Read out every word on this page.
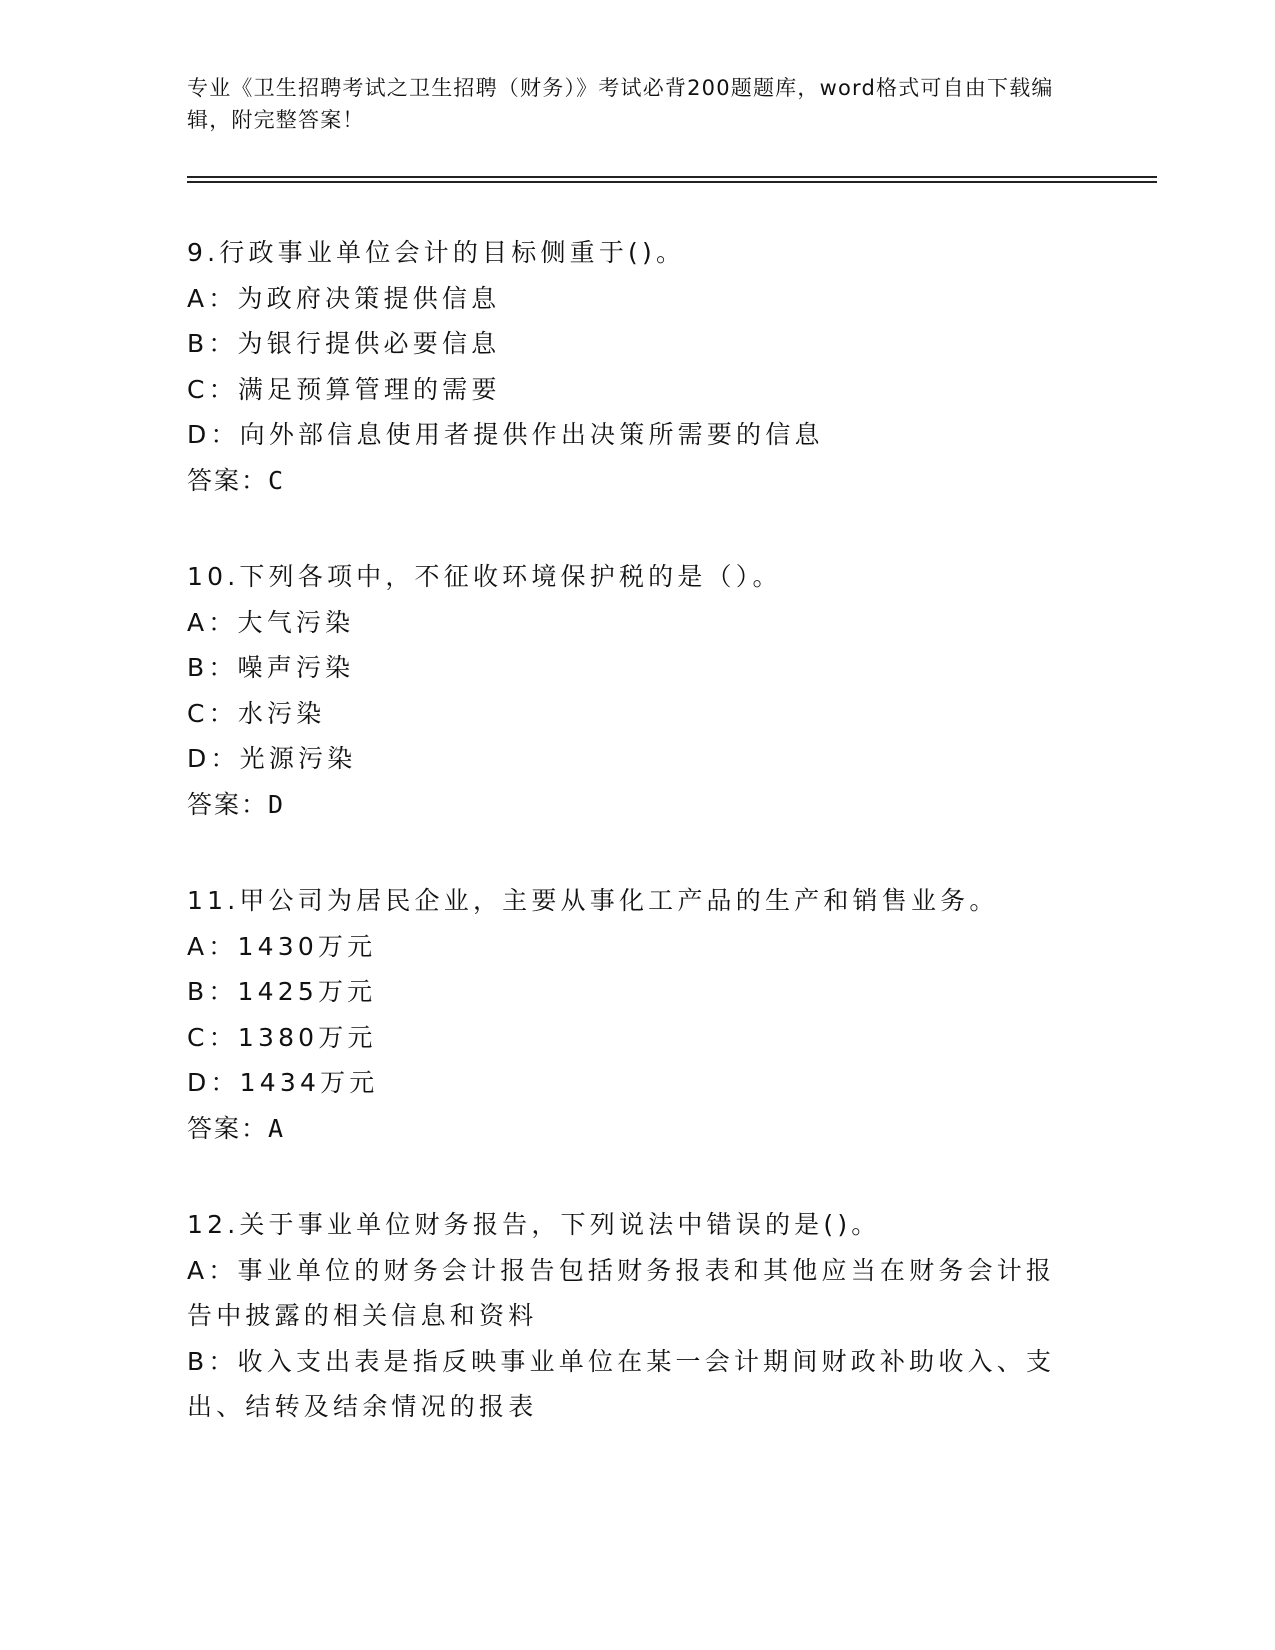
专业《卫生招聘考试之卫生招聘（财务）》考试必背200题题库，word格式可自由下载编辑，附完整答案！

9.行政事业单位会计的目标侧重于()。

A：为政府决策提供信息

B：为银行提供必要信息

C：满足预算管理的需要

D：向外部信息使用者提供作出决策所需要的信息

答案：C

10.下列各项中，不征收环境保护税的是（）。

A：大气污染

B：噪声污染

C：水污染

D：光源污染

答案：D

11.甲公司为居民企业，主要从事化工产品的生产和销售业务。

A：1430万元

B：1425万元

C：1380万元

D：1434万元

答案：A

12.关于事业单位财务报告，下列说法中错误的是()。

A：事业单位的财务会计报告包括财务报表和其他应当在财务会计报告中披露的相关信息和资料

B：收入支出表是指反映事业单位在某一会计期间财政补助收入、支出、结转及结余情况的报表
